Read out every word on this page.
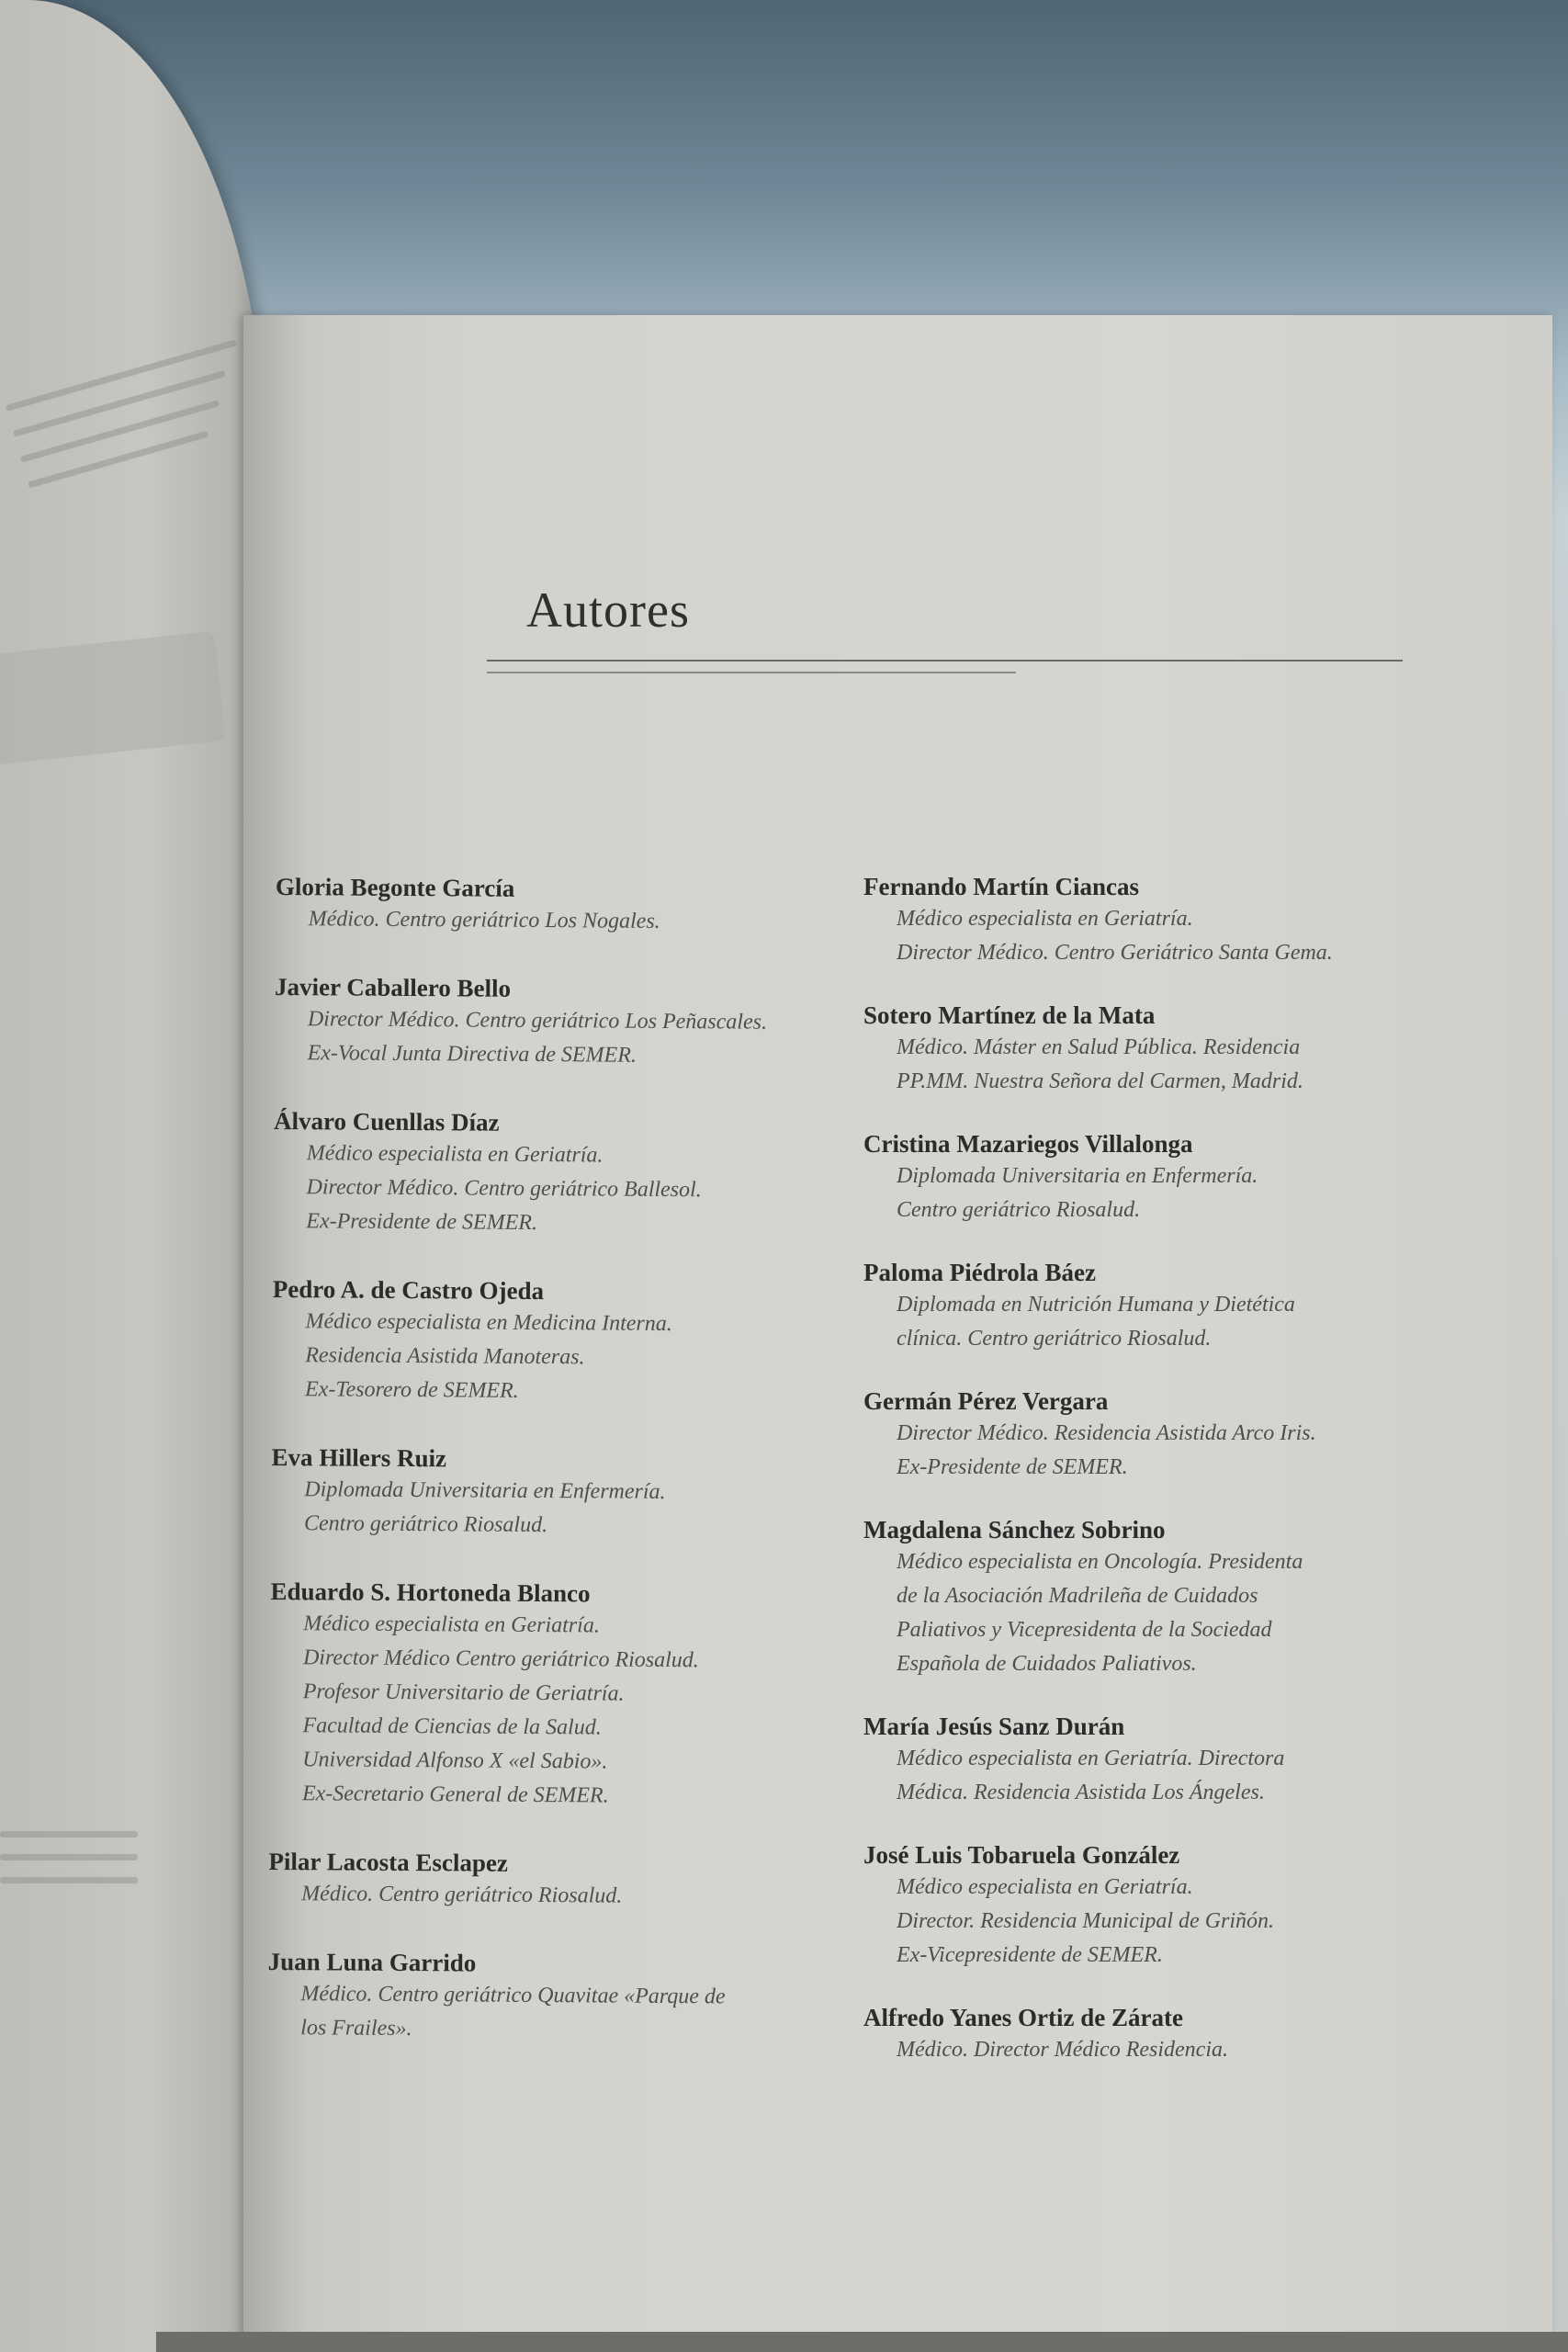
Autores
Gloria Begonte García
Médico. Centro geriátrico Los Nogales.
Javier Caballero Bello
Director Médico. Centro geriátrico Los Peñascales.
Ex-Vocal Junta Directiva de SEMER.
Álvaro Cuenllas Díaz
Médico especialista en Geriatría.
Director Médico. Centro geriátrico Ballesol.
Ex-Presidente de SEMER.
Pedro A. de Castro Ojeda
Médico especialista en Medicina Interna.
Residencia Asistida Manoteras.
Ex-Tesorero de SEMER.
Eva Hillers Ruiz
Diplomada Universitaria en Enfermería.
Centro geriátrico Riosalud.
Eduardo S. Hortoneda Blanco
Médico especialista en Geriatría.
Director Médico Centro geriátrico Riosalud.
Profesor Universitario de Geriatría.
Facultad de Ciencias de la Salud.
Universidad Alfonso X «el Sabio».
Ex-Secretario General de SEMER.
Pilar Lacosta Esclapez
Médico. Centro geriátrico Riosalud.
Juan Luna Garrido
Médico. Centro geriátrico Quavitae «Parque de
los Frailes».
Fernando Martín Ciancas
Médico especialista en Geriatría.
Director Médico. Centro Geriátrico Santa Gema.
Sotero Martínez de la Mata
Médico. Máster en Salud Pública. Residencia
PP.MM. Nuestra Señora del Carmen, Madrid.
Cristina Mazariegos Villalonga
Diplomada Universitaria en Enfermería.
Centro geriátrico Riosalud.
Paloma Piédrola Báez
Diplomada en Nutrición Humana y Dietética
clínica. Centro geriátrico Riosalud.
Germán Pérez Vergara
Director Médico. Residencia Asistida Arco Iris.
Ex-Presidente de SEMER.
Magdalena Sánchez Sobrino
Médico especialista en Oncología. Presidenta
de la Asociación Madrileña de Cuidados
Paliativos y Vicepresidenta de la Sociedad
Española de Cuidados Paliativos.
María Jesús Sanz Durán
Médico especialista en Geriatría. Directora
Médica. Residencia Asistida Los Ángeles.
José Luis Tobaruela González
Médico especialista en Geriatría.
Director. Residencia Municipal de Griñón.
Ex-Vicepresidente de SEMER.
Alfredo Yanes Ortiz de Zárate
Médico. Director Médico Residencia.
